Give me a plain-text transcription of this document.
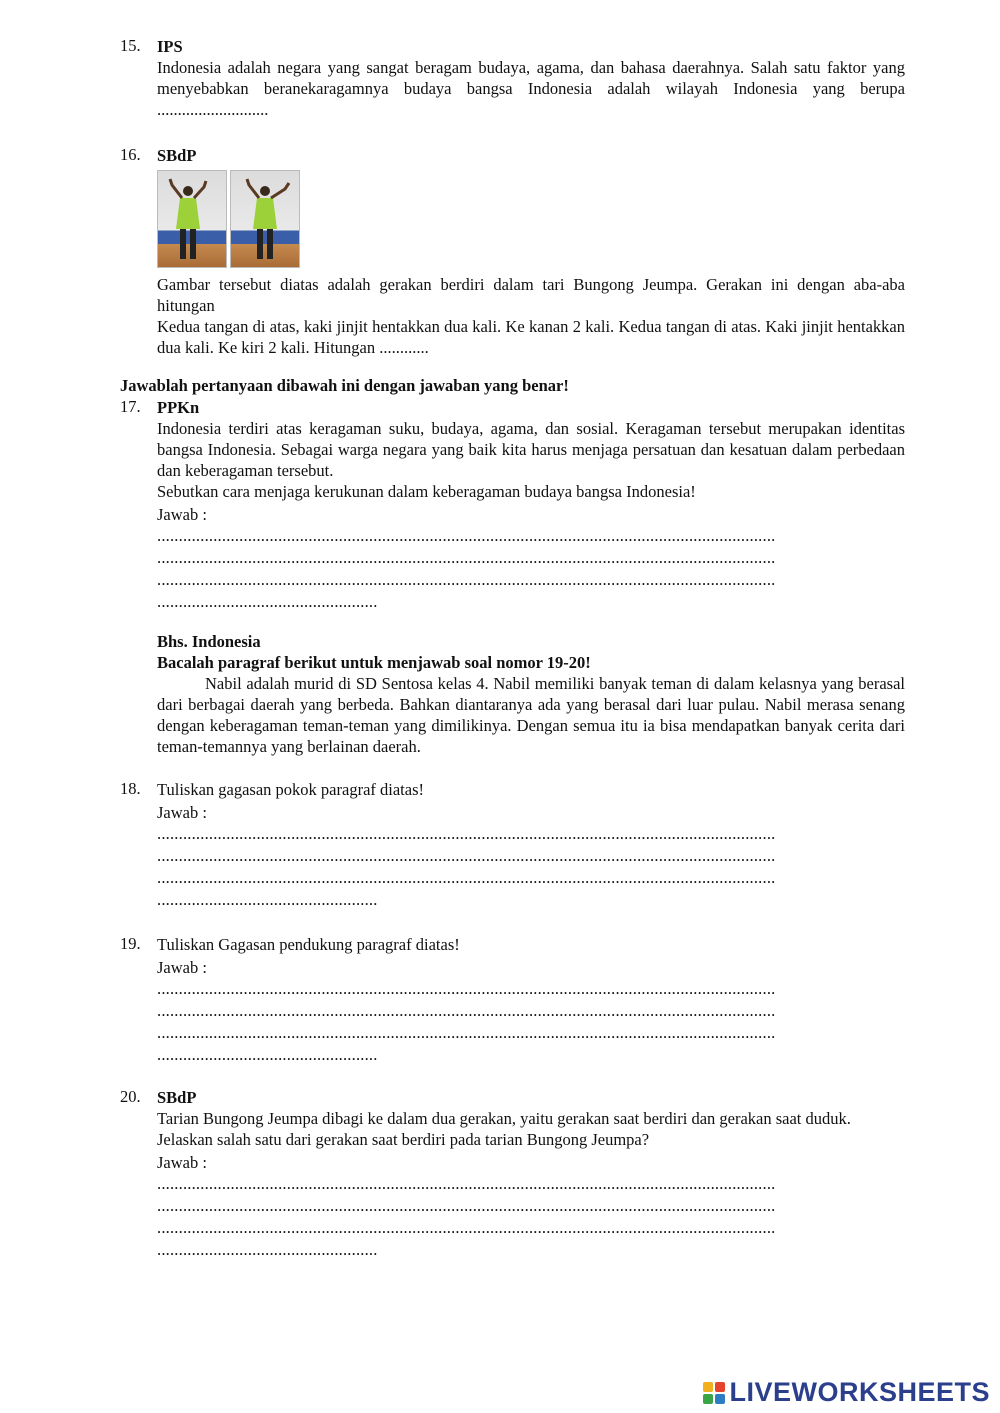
15. IPS
Indonesia adalah negara yang sangat beragam budaya, agama, dan bahasa daerahnya. Salah satu faktor yang menyebabkan beranekaragamnya budaya bangsa Indonesia adalah wilayah Indonesia yang berupa ...........................
16. SBdP
Gambar tersebut diatas adalah gerakan berdiri dalam tari Bungong Jeumpa. Gerakan ini dengan aba-aba hitungan
Kedua tangan di atas, kaki jinjit hentakkan dua kali. Ke kanan 2 kali. Kedua tangan di atas. Kaki jinjit hentakkan dua kali. Ke kiri 2 kali. Hitungan ............
Jawablah pertanyaan dibawah ini dengan jawaban yang benar!
17. PPKn
Indonesia terdiri atas keragaman suku, budaya, agama, dan sosial. Keragaman tersebut merupakan identitas bangsa Indonesia. Sebagai warga negara yang baik kita harus menjaga persatuan dan kesatuan dalam perbedaan dan keberagaman tersebut.
Sebutkan cara menjaga kerukunan dalam keberagaman budaya bangsa Indonesia!
Jawab :
...............................................................................................................................................
...............................................................................................................................................
...............................................................................................................................................
...................................................
Bhs. Indonesia
Bacalah paragraf berikut untuk menjawab soal nomor 19-20!
Nabil adalah murid di SD Sentosa kelas 4. Nabil memiliki banyak teman di dalam kelasnya yang berasal dari berbagai daerah yang berbeda. Bahkan diantaranya ada yang berasal dari luar pulau. Nabil merasa senang dengan keberagaman teman-teman yang dimilikinya. Dengan semua itu ia bisa mendapatkan banyak cerita dari teman-temannya yang berlainan daerah.
18. Tuliskan gagasan pokok paragraf diatas!
Jawab :
...............................................................................................................................................
...............................................................................................................................................
...............................................................................................................................................
...................................................
19. Tuliskan Gagasan pendukung paragraf diatas!
Jawab :
...............................................................................................................................................
...............................................................................................................................................
...............................................................................................................................................
...................................................
20. SBdP
Tarian Bungong Jeumpa dibagi ke dalam dua gerakan, yaitu gerakan saat berdiri dan gerakan saat duduk. Jelaskan salah satu dari gerakan saat berdiri pada tarian Bungong Jeumpa?
Jawab :
...............................................................................................................................................
...............................................................................................................................................
...............................................................................................................................................
...................................................
LIVEWORKSHEETS
